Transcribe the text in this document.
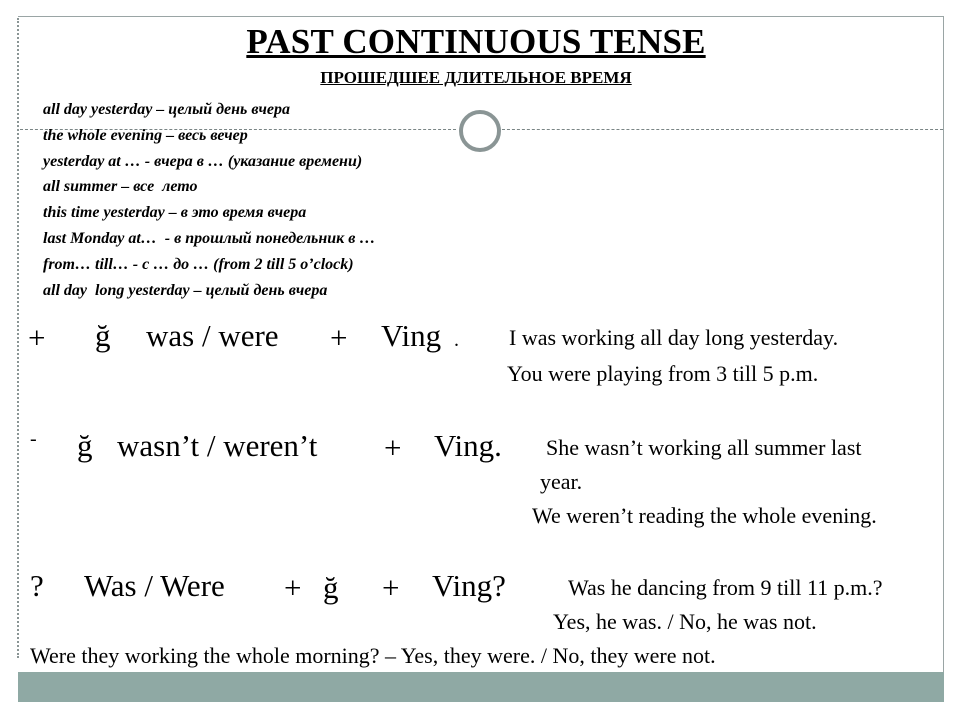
PAST CONTINUOUS TENSE
ПРОШЕДШЕЕ ДЛИТЕЛЬНОЕ ВРЕМЯ
all day yesterday – целый день вчера
the whole evening – весь вечер
yesterday at … - вчера в … (указание времени)
all summer – все  лето
this time yesterday – в это время вчера
last Monday at…  - в прошлый понедельник в …
from… till… - с … до … (from 2 till 5 o’clock)
all day  long yesterday – целый день вчера
+ ğ was / were + Ving . I was working all day long yesterday.
You were playing from 3 till 5 p.m.
- ğ wasn’t / weren’t + Ving. She wasn’t working all summer last
year.
We weren’t reading the whole evening.
? Was / Were + ğ + Ving?	Was he dancing from 9 till 11 p.m.?
Yes, he was. / No, he was not.
Were they working the whole morning? – Yes, they were. / No, they were not.
